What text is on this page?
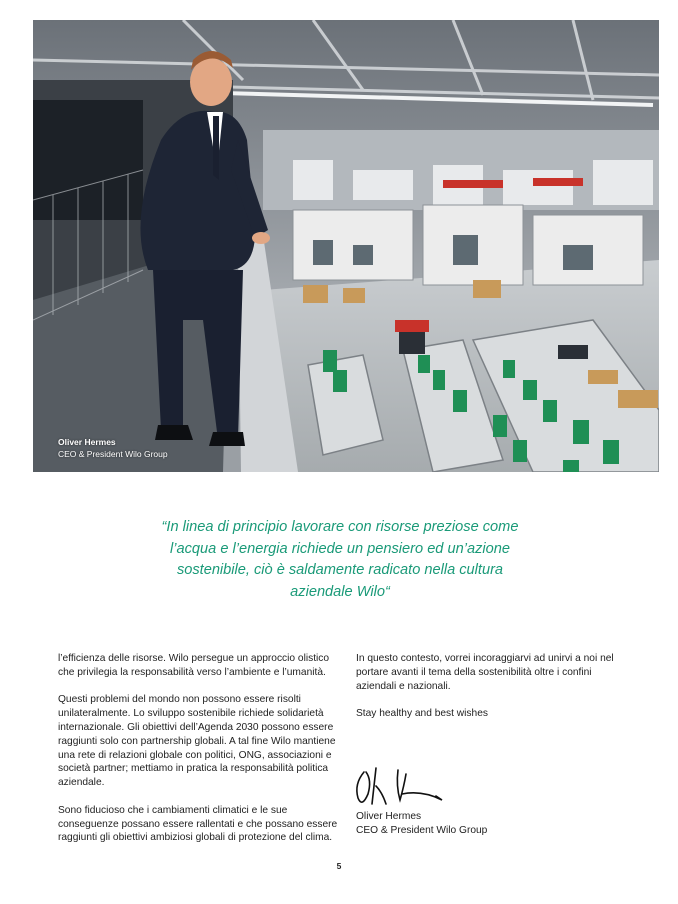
Oliver Hermes
CEO & President Wilo Group

“In linea di principio lavorare con risorse preziose come

l’acqua e l’energia richiede un pensiero ed un’azione

sostenibile, ciò è saldamente radicato nella cultura

aziendale Wilo“

l’efficienza delle risorse. Wilo persegue un approccio olistico che privilegia la responsabilità verso l’ambiente e l’umanità.

Questi problemi del mondo non possono essere risolti unilateralmente. Lo sviluppo sostenibile richiede solidarietà internazionale. Gli obiettivi dell’Agenda 2030 possono essere raggiunti solo con partnership globali. A tal fine Wilo mantiene una rete di relazioni globale con politici, ONG, associazioni e società partner; mettiamo in pratica la responsabilità politica aziendale.

Sono fiducioso che i cambiamenti climatici e le sue conseguenze possano essere rallentati e che possano essere raggiunti gli obiettivi ambiziosi globali di protezione del clima.

In questo contesto, vorrei incoraggiarvi ad unirvi a noi nel portare avanti il tema della sostenibilità oltre i confini aziendali e nazionali.

Stay healthy and best wishes

Oliver Hermes
CEO & President Wilo Group
5
